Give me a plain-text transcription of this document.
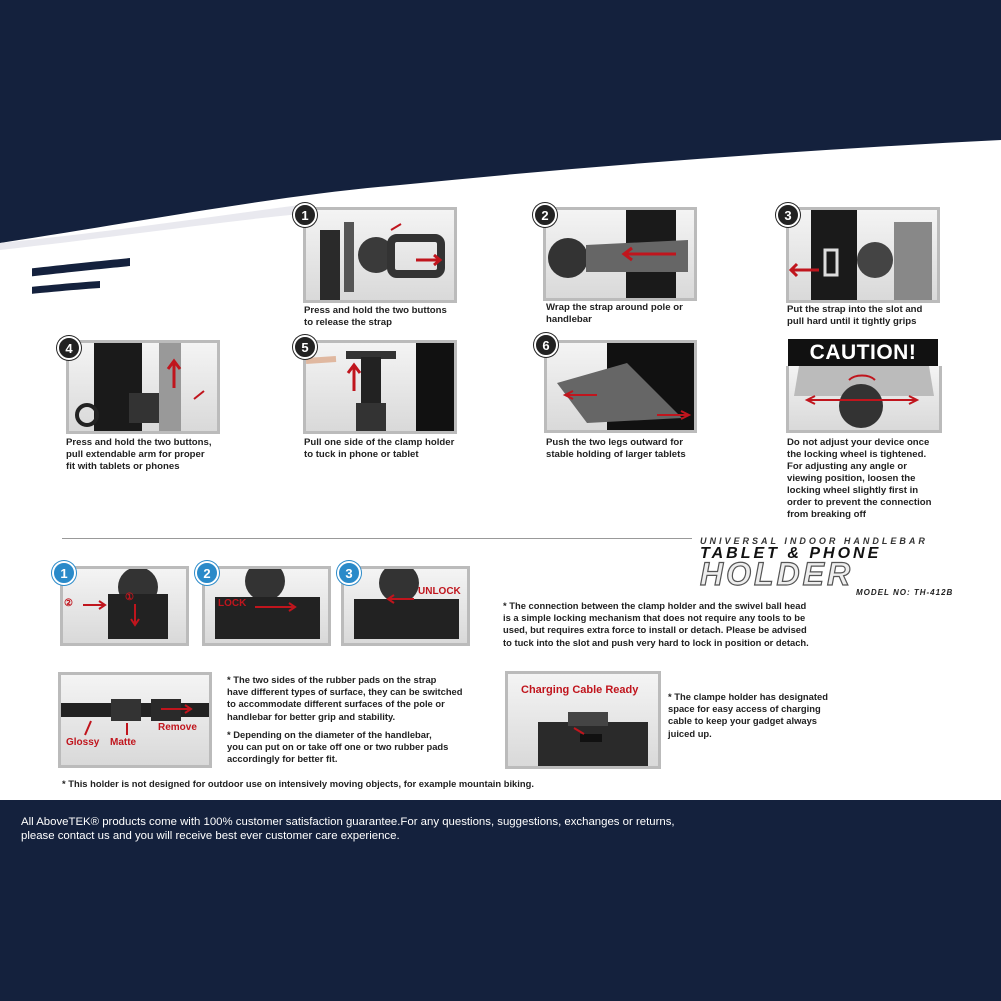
1
Press and hold the two buttons
to release the strap
2
Wrap the strap around pole or
handlebar
3
Put the strap into the slot and
pull hard until it tightly grips
4
Press and hold the two buttons,
pull extendable arm for proper
fit with tablets or phones
5
Pull one side of the clamp holder
to tuck in phone or tablet
6
Push the two legs outward for
stable holding of larger tablets
CAUTION!
Do not adjust your device once
the locking wheel is tightened.
For adjusting any angle or
viewing position, loosen the
locking wheel slightly first in
order to prevent the connection
from breaking off
UNIVERSAL INDOOR HANDLEBAR
TABLET & PHONE
HOLDER
MODEL NO: TH-412B
1
②
①
2
LOCK
3
UNLOCK
* The connection between the clamp holder and the swivel ball head
is a simple locking mechanism that does not require any tools to be
used, but requires extra force to install or detach. Please be advised
to tuck into the slot and push very hard to lock in position or detach.
Glossy Matte
Remove
* The two sides of the rubber pads on the strap
have different types of surface, they can be switched
to accommodate different surfaces of the pole or
handlebar for better grip and stability.
* Depending on the diameter of the handlebar,
you can put on or take off one or two rubber pads
accordingly for better fit.
Charging Cable Ready
* The clampe holder has designated
space for easy access of charging
cable to keep your gadget always
juiced up.
* This holder is not designed for outdoor use on intensively moving objects, for example mountain biking.
All AboveTEK® products come with 100% customer satisfaction guarantee.For any questions, suggestions, exchanges or returns,
please contact us and you will receive best ever customer care experience.
